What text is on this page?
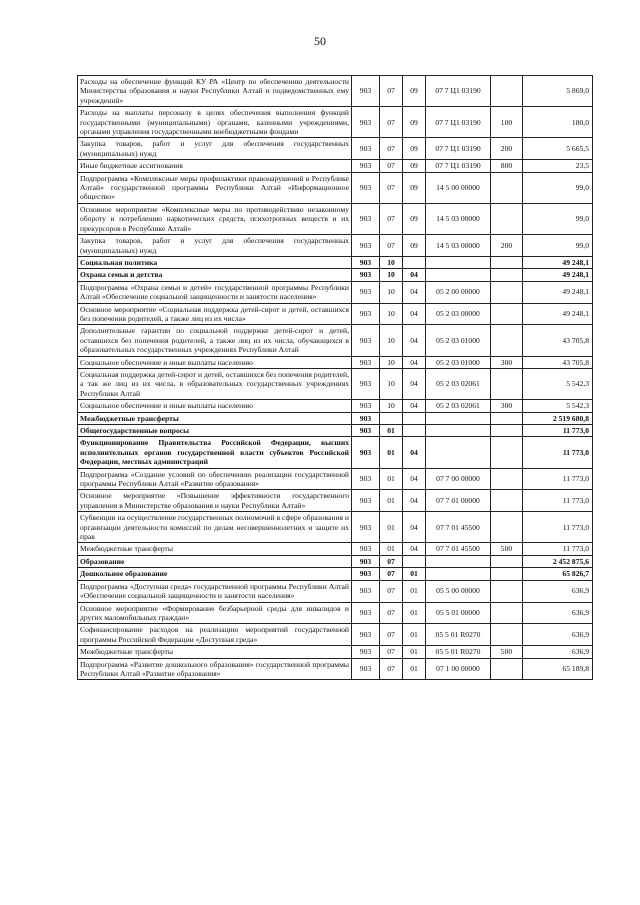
50
Расходы на обеспечение функций КУ РА «Центр по обеспечению деятельности Министерства образования и науки Республики Алтай и подведомственных ему учреждений»	903	07	09	07 7 Ц1 03190		5 869,0
Расходы на выплаты персоналу в целях обеспечения выполнения функций государственными (муниципальными) органами, казенными учреждениями, органами управления государственными внебюджетными фондами	903	07	09	07 7 Ц1 03190	100	180,0
Закупка товаров, работ и услуг для обеспечения государственных (муниципальных) нужд	903	07	09	07 7 Ц1 03190	200	5 665,5
Иные бюджетные ассигнования	903	07	09	07 7 Ц1 03190	800	23,5
Подпрограмма «Комплексные меры профилактики правонарушений в Республике Алтай» государственной программы Республики Алтай «Информационное общество»	903	07	09	14 5 00 00000		99,0
Основное мероприятие «Комплексные меры по противодействию незаконному обороту и потреблению наркотических средств, психотропных веществ и их прекурсоров в Республике Алтай»	903	07	09	14 5 03 00000		99,0
Закупка товаров, работ и услуг для обеспечения государственных (муниципальных) нужд	903	07	09	14 5 03 00000	200	99,0
Социальная политика	903	10				49 248,1
Охрана семьи и детства	903	10	04			49 248,1
Подпрограмма «Охрана семьи и детей» государственной программы Республики Алтай «Обеспечение социальной защищенности и занятости населения»	903	10	04	05 2 00 00000		49 248,1
Основное мероприятие «Социальная поддержка детей-сирот и детей, оставшихся без попечения родителей, а также лиц из их числа»	903	10	04	05 2 03 00000		49 248,1
Дополнительные гарантии по социальной поддержке детей-сирот и детей, оставшихся без попечения родителей, а также лиц из их числа, обучающихся в образовательных государственных учреждениях Республики Алтай	903	10	04	05 2 03 01000		43 705,8
Социальное обеспечение и иные выплаты населению	903	10	04	05 2 03 01000	300	43 705,8
Социальная поддержка детей-сирот и детей, оставшихся без попечения родителей, а так же лиц из их числа, в образовательных государственных учреждениях Республики Алтай	903	10	04	05 2 03 02061		5 542,3
Социальное обеспечение и иные выплаты населению	903	10	04	05 2 03 02061	300	5 542,3
Межбюджетные трансферты	903					2 519 680,8
Общегосударственные вопросы	903	01				11 773,0
Функционирование Правительства Российской Федерации, высших исполнительных органов государственной власти субъектов Российской Федерации, местных администраций	903	01	04			11 773,0
Подпрограмма «Создание условий по обеспечению реализации государственной программы Республики Алтай «Развитие образования»	903	01	04	07 7 00 00000		11 773,0
Основное мероприятие «Повышение эффективности государственного управления в Министерстве образования и науки Республики Алтай»	903	01	04	07 7 01 00000		11 773,0
Субвенции на осуществление государственных полномочий в сфере образования и организации деятельности комиссий по делам несовершеннолетних и защите их прав	903	01	04	07 7 01 45500		11 773,0
Межбюджетные трансферты	903	01	04	07 7 01 45500	500	11 773,0
Образование	903	07				2 452 875,6
Дошкольное образование	903	07	01			65 826,7
Подпрограмма «Доступная среда» государственной программы Республики Алтай «Обеспечение социальной защищенности и занятости населения»	903	07	01	05 5 00 00000		636,9
Основное мероприятие «Формирование безбарьерной среды для инвалидов и других маломобильных граждан»	903	07	01	05 5 01 00000		636,9
Софинансирование расходов на реализацию мероприятий государственной программы Российской Федерации «Доступная среда»	903	07	01	05 5 01 R0270		636,9
Межбюджетные трансферты	903	07	01	05 5 01 R0270	500	636,9
Подпрограмма «Развитие дошкольного образования» государственной программы Республики Алтай «Развитие образования»	903	07	01	07 1 00 00000		65 189,8
